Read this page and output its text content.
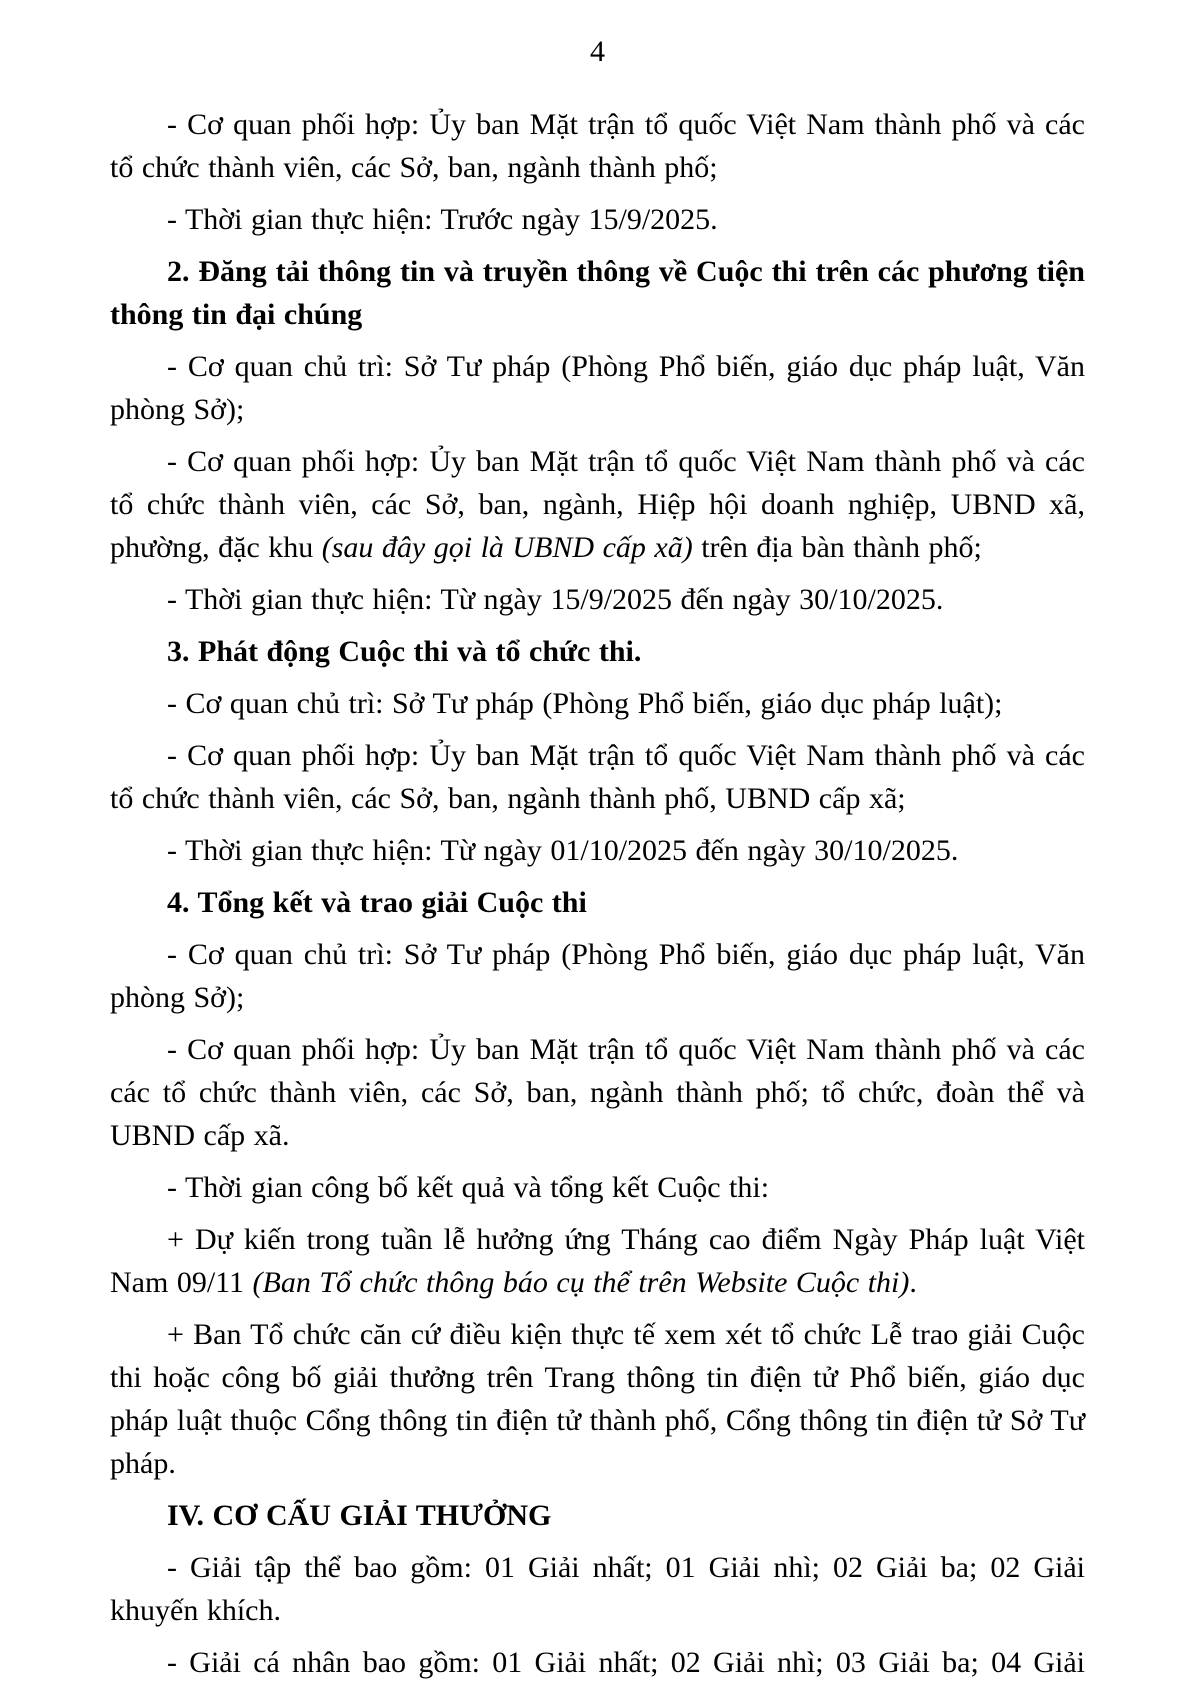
4

- Cơ quan phối hợp: Ủy ban Mặt trận tổ quốc Việt Nam thành phố và các tổ chức thành viên, các Sở, ban, ngành thành phố;

- Thời gian thực hiện: Trước ngày 15/9/2025.

2. Đăng tải thông tin và truyền thông về Cuộc thi trên các phương tiện thông tin đại chúng

- Cơ quan chủ trì: Sở Tư pháp (Phòng Phổ biến, giáo dục pháp luật, Văn phòng Sở);

- Cơ quan phối hợp: Ủy ban Mặt trận tổ quốc Việt Nam thành phố và các tổ chức thành viên, các Sở, ban, ngành, Hiệp hội doanh nghiệp, UBND xã, phường, đặc khu (sau đây gọi là UBND cấp xã) trên địa bàn thành phố;

- Thời gian thực hiện: Từ ngày 15/9/2025 đến ngày 30/10/2025.

3. Phát động Cuộc thi và tổ chức thi.

- Cơ quan chủ trì: Sở Tư pháp (Phòng Phổ biến, giáo dục pháp luật);

- Cơ quan phối hợp: Ủy ban Mặt trận tổ quốc Việt Nam thành phố và các tổ chức thành viên, các Sở, ban, ngành thành phố, UBND cấp xã;

- Thời gian thực hiện: Từ ngày 01/10/2025 đến ngày 30/10/2025.

4. Tổng kết và trao giải Cuộc thi

- Cơ quan chủ trì: Sở Tư pháp (Phòng Phổ biến, giáo dục pháp luật, Văn phòng Sở);

- Cơ quan phối hợp: Ủy ban Mặt trận tổ quốc Việt Nam thành phố và các các tổ chức thành viên, các Sở, ban, ngành thành phố; tổ chức, đoàn thể và UBND cấp xã.

- Thời gian công bố kết quả và tổng kết Cuộc thi:

+ Dự kiến trong tuần lễ hưởng ứng Tháng cao điểm Ngày Pháp luật Việt Nam 09/11 (Ban Tổ chức thông báo cụ thể trên Website Cuộc thi).

+ Ban Tổ chức căn cứ điều kiện thực tế xem xét tổ chức Lễ trao giải Cuộc thi hoặc công bố giải thưởng trên Trang thông tin điện tử Phổ biến, giáo dục pháp luật thuộc Cổng thông tin điện tử thành phố, Cổng thông tin điện tử Sở Tư pháp.

IV. CƠ CẤU GIẢI THƯỞNG

- Giải tập thể bao gồm: 01 Giải nhất; 01 Giải nhì; 02 Giải ba; 02 Giải khuyến khích.

- Giải cá nhân bao gồm: 01 Giải nhất; 02 Giải nhì; 03 Giải ba; 04 Giải
